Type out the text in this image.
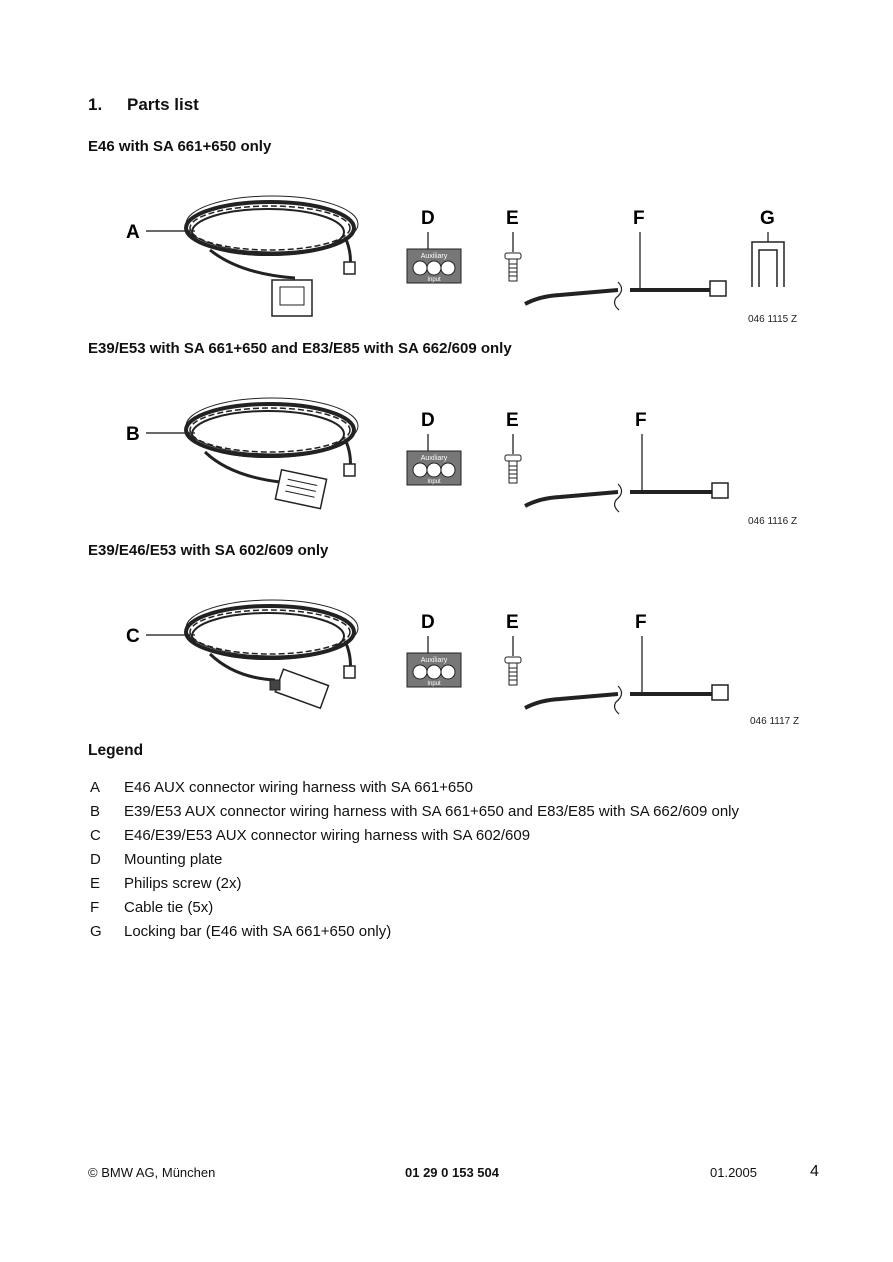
1. Parts list
E46 with SA 661+650 only
A
D
Auxiliary
Input
E	F	G
046 1115 Z
E39/E53 with SA 661+650 and E83/E85 with SA 662/609 only
B
D
Auxiliary
Input
E	F
046 1116 Z
E39/E46/E53 with SA 602/609 only
C
D
Auxiliary
Input
E	F
046 1117 Z
Legend
A	E46 AUX connector wiring harness with SA 661+650
B	E39/E53 AUX connector wiring harness with SA 661+650 and E83/E85 with SA 662/609 only
C	E46/E39/E53 AUX connector wiring harness with SA 602/609
D	Mounting plate
E	Philips screw (2x)
F	Cable tie (5x)
G	Locking bar (E46 with SA 661+650 only)
© BMW AG, München	01 29 0 153 504	01.2005	4
